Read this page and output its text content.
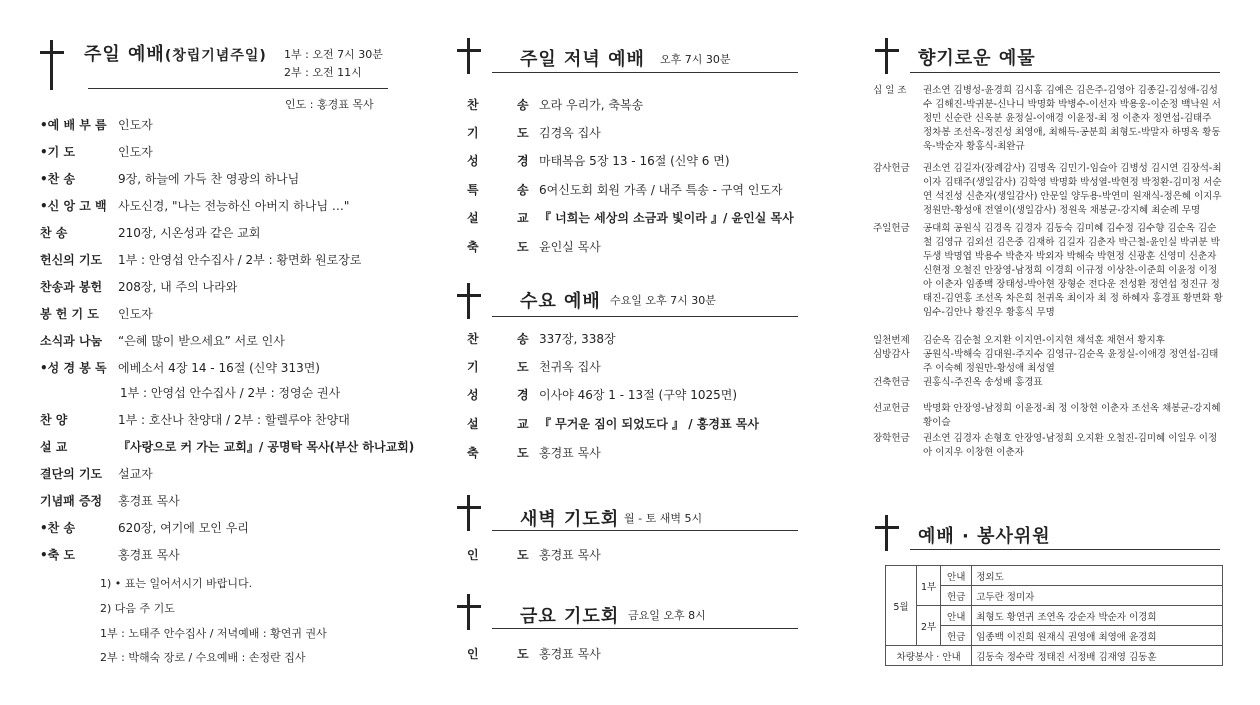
주일 예배(창립기념주일) 1부 : 오전 7시 30분
2부 : 오전 11시
인도 : 홍경표 목사
•예 배 부 름 인도자
•기 도	인도자
•찬 송	9장, 하늘에 가득 찬 영광의 하나님
•신 앙 고 백 사도신경, "나는 전능하신 아버지 하나님 …"
찬 송	210장, 시온성과 같은 교회
헌신의 기도 1부 : 안영섭 안수집사 / 2부 : 황면화 원로장로
찬송과 봉헌 208장, 내 주의 나라와
봉 헌 기 도 인도자
소식과 나눔 “은혜 많이 받으세요” 서로 인사
•성 경 봉 독 에베소서 4장 14 - 16절 (신약 313면)
1부 : 안영섭 안수집사 / 2부 : 정영순 권사
찬 양	1부 : 호산나 찬양대 / 2부 : 할렐루야 찬양대
설 교	『사랑으로 커 가는 교회』/ 공명탁 목사(부산 하나교회)
결단의 기도 설교자
기념패 증정 홍경표 목사
•찬 송	620장, 여기에 모인 우리
•축 도	홍경표 목사
1) • 표는 일어서시기 바랍니다.
2) 다음 주 기도
1부 : 노태주 안수집사 / 저녁예배 : 황연귀 권사
2부 : 박해숙 장로 / 수요예배 : 손정란 집사
주일 저녁 예배 오후 7시 30분
찬	송 오라 우리가, 축복송
기	도 김경옥 집사
성	경 마태복음 5장 13 - 16절 (신약 6 면)
특	송 6여신도회 회원 가족 / 내주 특송 - 구역 인도자
설	교 『 너희는 세상의 소금과 빛이라 』/ 윤인실 목사
축	도 윤인실 목사
수요 예배 수요일 오후 7시 30분
찬	송 337장, 338장
기	도 천귀옥 집사
성	경 이사야 46장 1 - 13절 (구약 1025면)
설	교 『 무거운 짐이 되었도다 』 / 홍경표 목사
축	도 홍경표 목사
새벽 기도회 월 - 토 새벽 5시
인	도 홍경표 목사
금요 기도회 금요일 오후 8시
인	도 홍경표 목사
향기로운 예물
십 일 조	권소연 김병성-윤경희 김시홍 김예은 김은주-김영아 김종길-김성애-김성수 김해진-박귀분-신나니 박명화 박병수-이선자 박용웅-이순정 백낙원 서정민 신순란 신옥분 윤정실-이애경 이윤정-최 정 이춘자 정연섭-김태주 정차봉 조선옥-정진성 최영애, 최해득-공분희 최형도-박말자 하명옥 황동욱-박순자 황홍식-최완규
감사헌금	권소연 김길자(장례감사) 김명옥 김민기-임슬아 김병성 김시연 김장석-최이자 김태주(생일감사) 김학영 박명화 박성열-박현정 박정환-김미정 서순연 석진성 신춘자(생일감사) 안문일 양두용-박연미 원재식-정은혜 이지우 정원만-황성애 전열이(생일감사) 정원욱 채봉균-강지혜 최순례 무명
주일헌금	공대희 공원식 김경옥 김경자 김동숙 김미혜 김수정 김수향 김순옥 김순철 김영규 김외선 김은중 김재하 김길자 김춘자 박근철-윤인실 박귀분 박두생 박명엽 박용수 박춘자 박외자 박해숙 박현정 신광훈 신영미 신춘자 신현정 오철진 안장영-남정희 이경희 이규정 이상찬-이준희 이윤정 이정아 이춘자 임종백 장태성-박아현 장형순 전다운 전성환 정연섭 정진규 정태진-김연홍 조선옥 차은희 천귀옥 최이자 최 정 하혜자 홍경표 황면화 황임수-김안나 황진우 황홍식 무명
일천번제	김순옥 김순철 오지환 이지연-이지현 채석훈 채현서 황지후
심방감사	공원식-박해숙 김대원-주지수 김영규-김순옥 윤정실-이애경 정연섭-김태주 이숙혜 정원만-황성애 최성열
건축헌금	권홍식-주진옥 송성배 홍경표
선교헌금	박명화 안장영-남정희 이윤정-최 정 이창현 이춘자 조선옥 채봉균-강지혜 황이슬
장학헌금	권소연 김경자 손형호 안장영-남정희 오지환 오철진-김미혜 이일우 이정아 이지우 이창현 이춘자
예배 · 봉사위원
5월	1부	안내	정외도
		헌금	고두란 정미자
	2부	안내	최형도 황연귀 조연옥 강순자 박순자 이경희
		헌금	임종백 이진희 원재식 권영애 최영애 윤경희
차량봉사 · 안내			김동숙 정수락 정태진 서정배 김재영 김동훈
